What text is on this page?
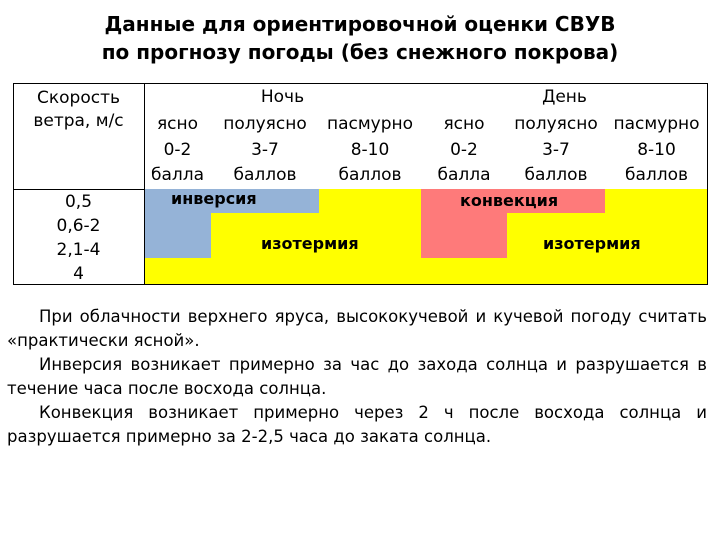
Данные для ориентировочной оценки СВУВ
по прогнозу погоды (без снежного покрова)
Скорость
ветра, м/с
0,5
0,6-2
2,1-4
4
Ночь
ясно
0-2
балла
полуясно
3-7
баллов
пасмурно
8-10
баллов
День
ясно
0-2
балла
полуясно
3-7
баллов
пасмурно
8-10
баллов
инверсия
изотермия
конвекция
изотермия

При облачности верхнего яруса, высококучевой и кучевой погоду считать «практически ясной».

Инверсия возникает примерно за час до захода солнца и разрушается в течение часа после восхода солнца.

Конвекция возникает примерно через 2 ч после восхода солнца и разрушается примерно за 2-2,5 часа до заката солнца.
